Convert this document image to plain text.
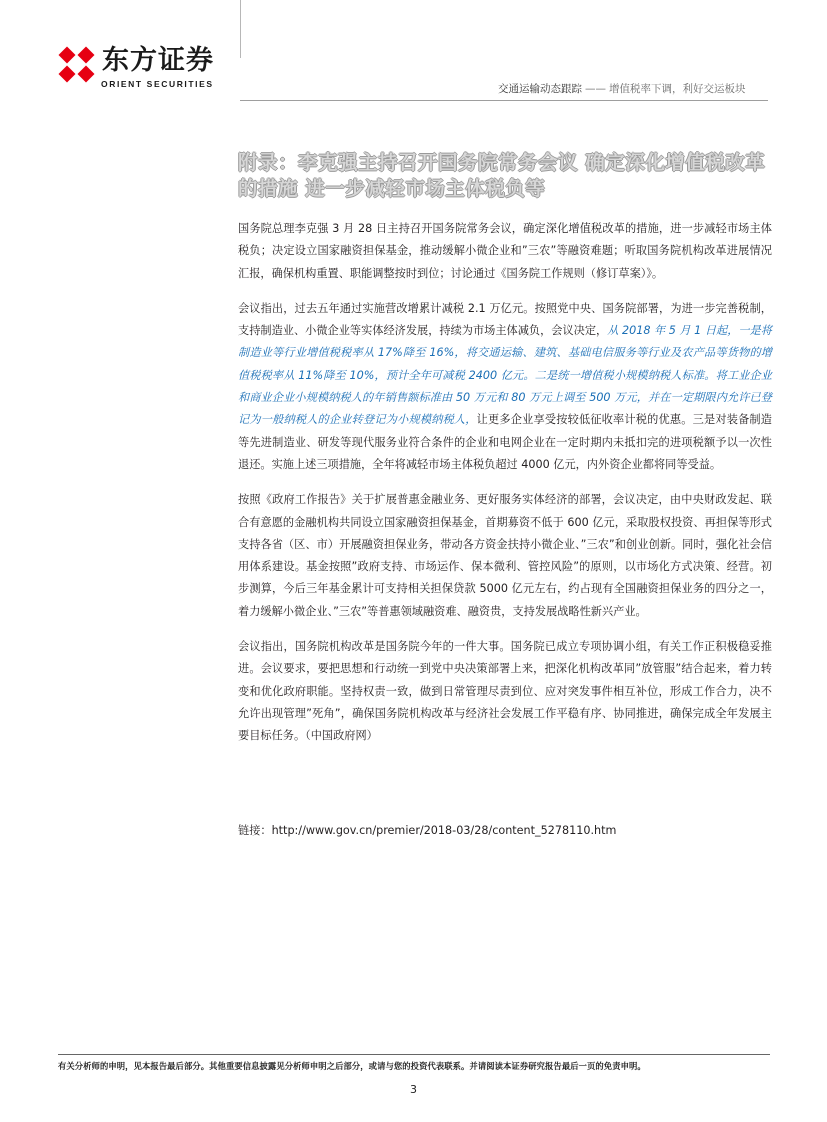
东方证券
ORIENT SECURITIES	交通运输动态跟踪 —— 增值税率下调，利好交运板块
附录：李克强主持召开国务院常务会议 确定深化增值税改革的措施 进一步减轻市场主体税负等

国务院总理李克强 3 月 28 日主持召开国务院常务会议，确定深化增值税改革的措施，进一步减轻市场主体税负；决定设立国家融资担保基金，推动缓解小微企业和”三农”等融资难题；听取国务院机构改革进展情况汇报，确保机构重置、职能调整按时到位；讨论通过《国务院工作规则（修订草案）》。

会议指出，过去五年通过实施营改增累计减税 2.1 万亿元。按照党中央、国务院部署，为进一步完善税制，支持制造业、小微企业等实体经济发展，持续为市场主体减负，会议决定，从 2018 年 5 月 1 日起，一是将制造业等行业增值税税率从 17%降至 16%，将交通运输、建筑、基础电信服务等行业及农产品等货物的增值税税率从 11%降至 10%，预计全年可减税 2400 亿元。二是统一增值税小规模纳税人标准。将工业企业和商业企业小规模纳税人的年销售额标准由 50 万元和 80 万元上调至 500 万元，并在一定期限内允许已登记为一般纳税人的企业转登记为小规模纳税人，让更多企业享受按较低征收率计税的优惠。三是对装备制造等先进制造业、研发等现代服务业符合条件的企业和电网企业在一定时期内未抵扣完的进项税额予以一次性退还。实施上述三项措施，全年将减轻市场主体税负超过 4000 亿元，内外资企业都将同等受益。

按照《政府工作报告》关于扩展普惠金融业务、更好服务实体经济的部署，会议决定，由中央财政发起、联合有意愿的金融机构共同设立国家融资担保基金，首期募资不低于 600 亿元，采取股权投资、再担保等形式支持各省（区、市）开展融资担保业务，带动各方资金扶持小微企业、”三农”和创业创新。同时，强化社会信用体系建设。基金按照”政府支持、市场运作、保本微利、管控风险”的原则，以市场化方式决策、经营。初步测算，今后三年基金累计可支持相关担保贷款 5000 亿元左右，约占现有全国融资担保业务的四分之一，着力缓解小微企业、”三农”等普惠领域融资难、融资贵，支持发展战略性新兴产业。

会议指出，国务院机构改革是国务院今年的一件大事。国务院已成立专项协调小组，有关工作正积极稳妥推进。会议要求，要把思想和行动统一到党中央决策部署上来，把深化机构改革同”放管服”结合起来，着力转变和优化政府职能。坚持权责一致，做到日常管理尽责到位、应对突发事件相互补位，形成工作合力，决不允许出现管理”死角”，确保国务院机构改革与经济社会发展工作平稳有序、协同推进，确保完成全年发展主要目标任务。（中国政府网）

链接：http://www.gov.cn/premier/2018-03/28/content_5278110.htm
有关分析师的申明，见本报告最后部分。其他重要信息披露见分析师申明之后部分，或请与您的投资代表联系。并请阅读本证券研究报告最后一页的免责申明。
3
